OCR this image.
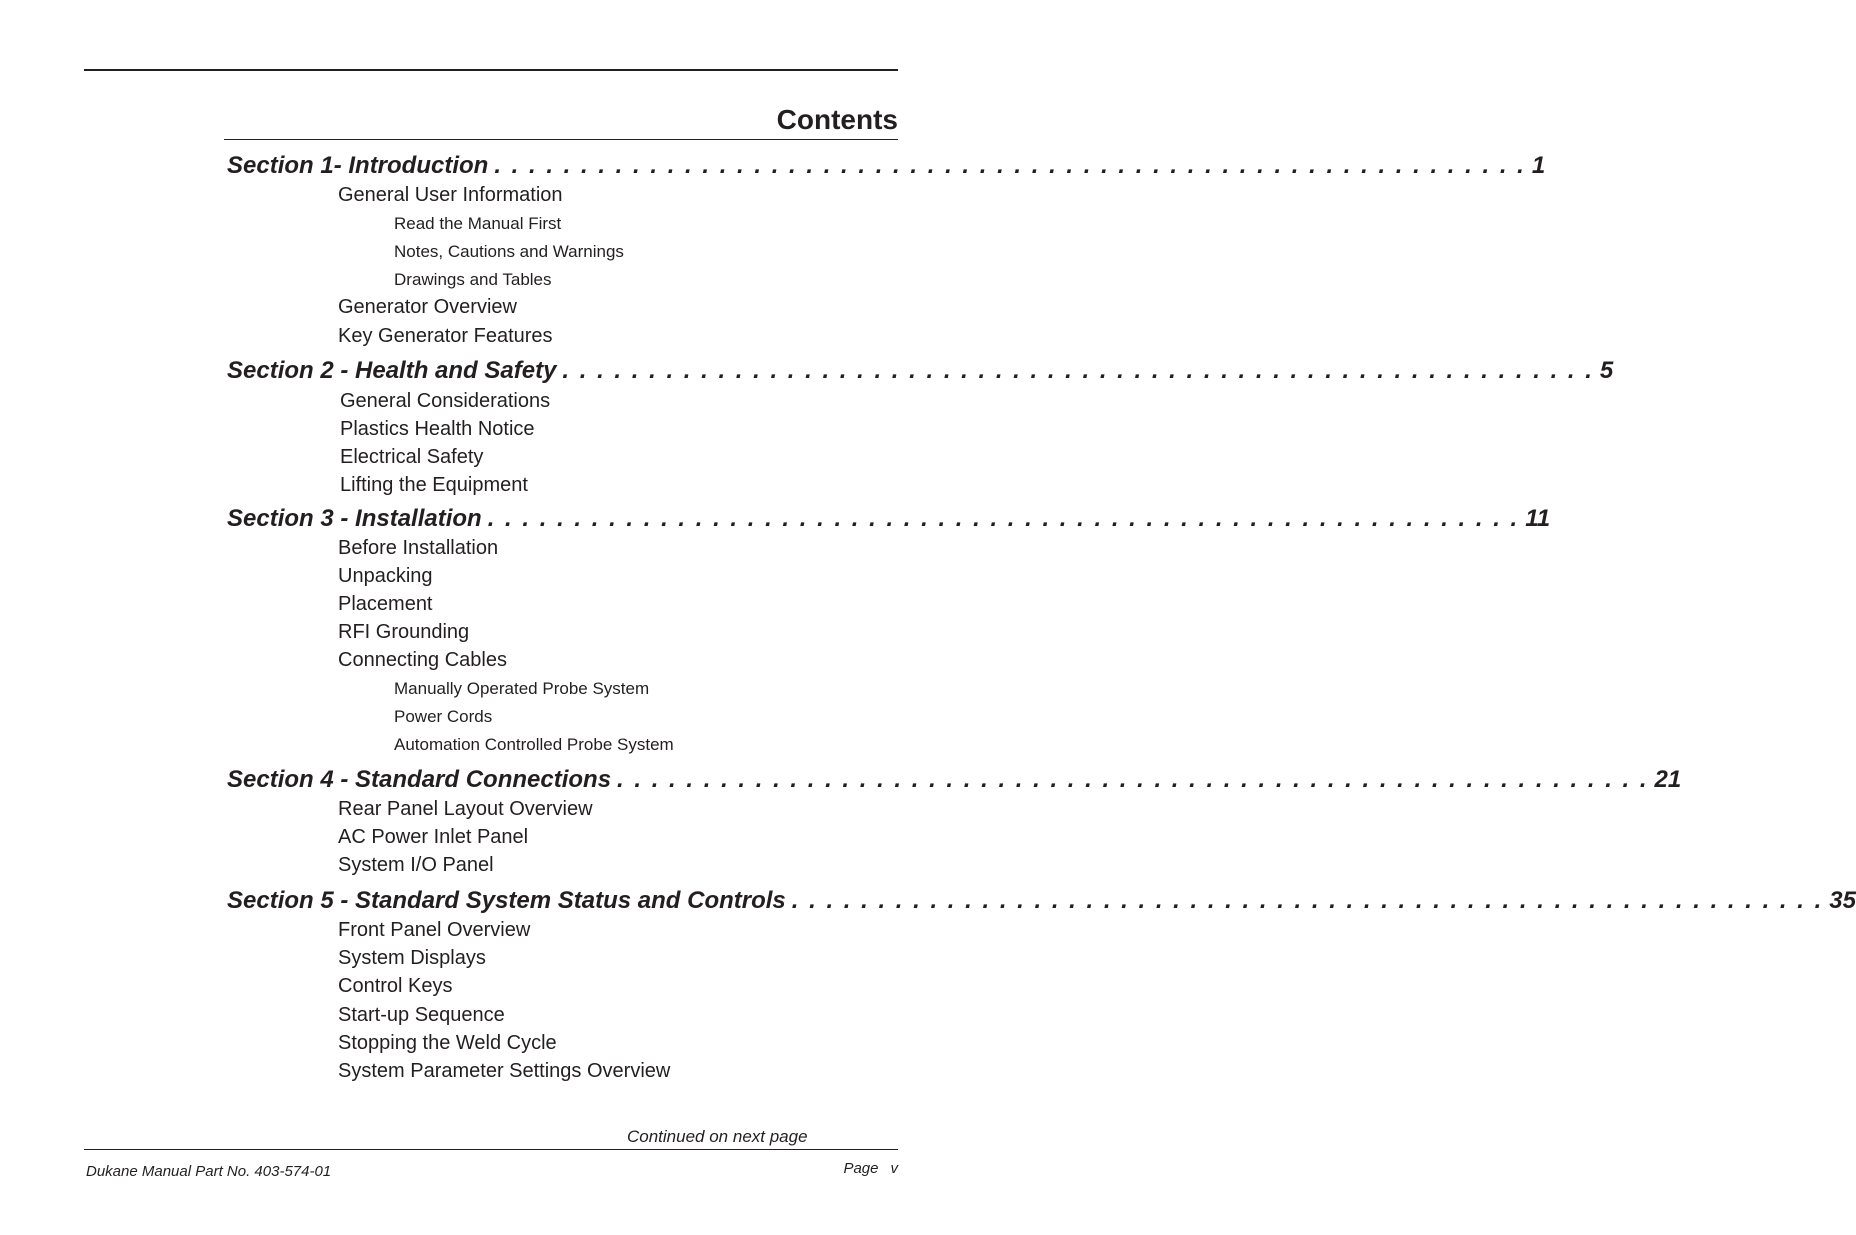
Contents
Section 1- Introduction . . . . . . . . . . . . . . . . . . . . . . . . . . . . . . . . . . . . . . . . . . . . . . . . . . . . . . . . . . . . 1
General User Information
Read the Manual First
Notes, Cautions and Warnings
Drawings and Tables
Generator Overview
Key Generator Features
Section 2 - Health and Safety . . . . . . . . . . . . . . . . . . . . . . . . . . . . . . . . . . . . . . . . . . . . . . . . . . . . . . . . . . . . 5
General Considerations
Plastics Health Notice
Electrical Safety
Lifting the Equipment
Section 3 - Installation . . . . . . . . . . . . . . . . . . . . . . . . . . . . . . . . . . . . . . . . . . . . . . . . . . . . . . . . . . . . 11
Before Installation
Unpacking
Placement
RFI Grounding
Connecting Cables
Manually Operated Probe System
Power Cords
Automation Controlled Probe System
Section 4 - Standard Connections . . . . . . . . . . . . . . . . . . . . . . . . . . . . . . . . . . . . . . . . . . . . . . . . . . . . . . . . . . . . 21
Rear Panel Layout Overview
AC Power Inlet Panel
System I/O Panel
Section 5 - Standard System Status and Controls . . . . . . . . . . . . . . . . . . . . . . . . . . . . . . . . . . . . . . . . . . . . . . . . . . . . . . . . . . . . 35
Front Panel Overview
System Displays
Control Keys
Start-up Sequence
Stopping the Weld Cycle
System Parameter Settings Overview
Continued on next page
Dukane Manual Part No. 403-574-01	Page v
